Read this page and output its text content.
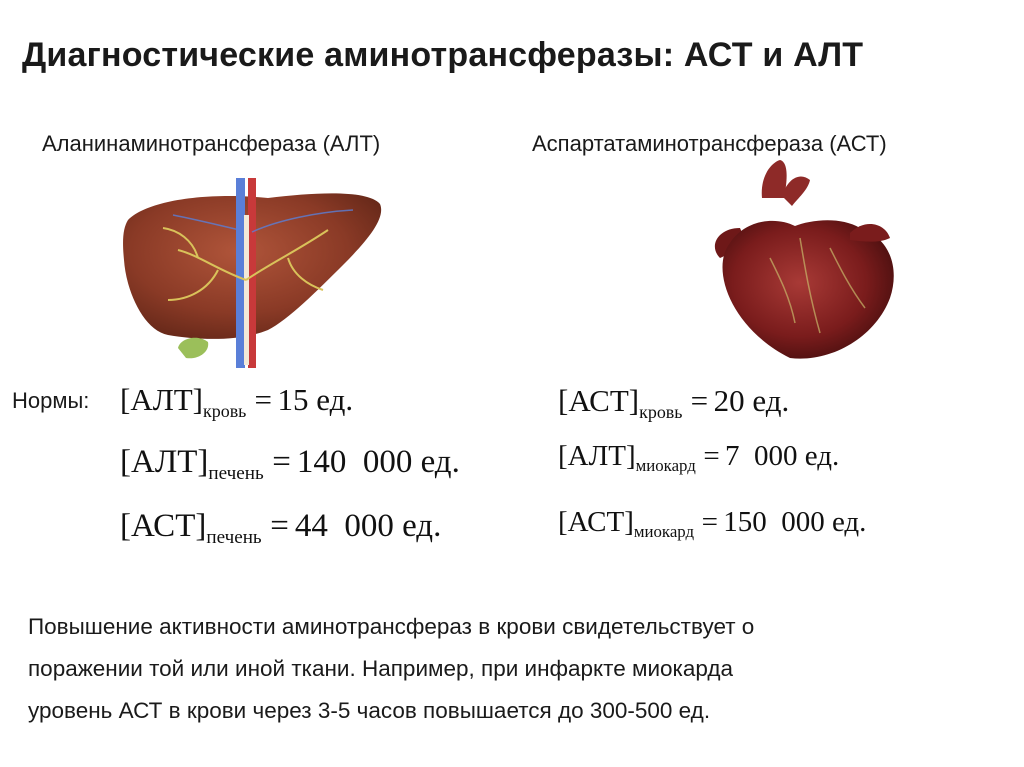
Диагностические аминотрансферазы: АСТ и АЛТ
Аланинаминотрансфераза (АЛТ)	Аспартатаминотрансфераза (АСТ)
Нормы: $[АЛТ]_{кровь} = 15$ ед.
$[АЛТ]_{печень} = 140$  000 ед.
$[АСТ]_{печень} = 44$  000 ед.
$[АСТ]_{кровь} = 20$ ед.
$[АЛТ]_{миокард} = 7$  000 ед.
$[АСТ]_{миокард} = 150$  000 ед.
Повышение активности аминотрансфераз в крови свидетельствует о
поражении той или иной ткани. Например, при инфаркте миокарда
уровень АСТ в крови через 3-5 часов повышается до 300-500 ед.
